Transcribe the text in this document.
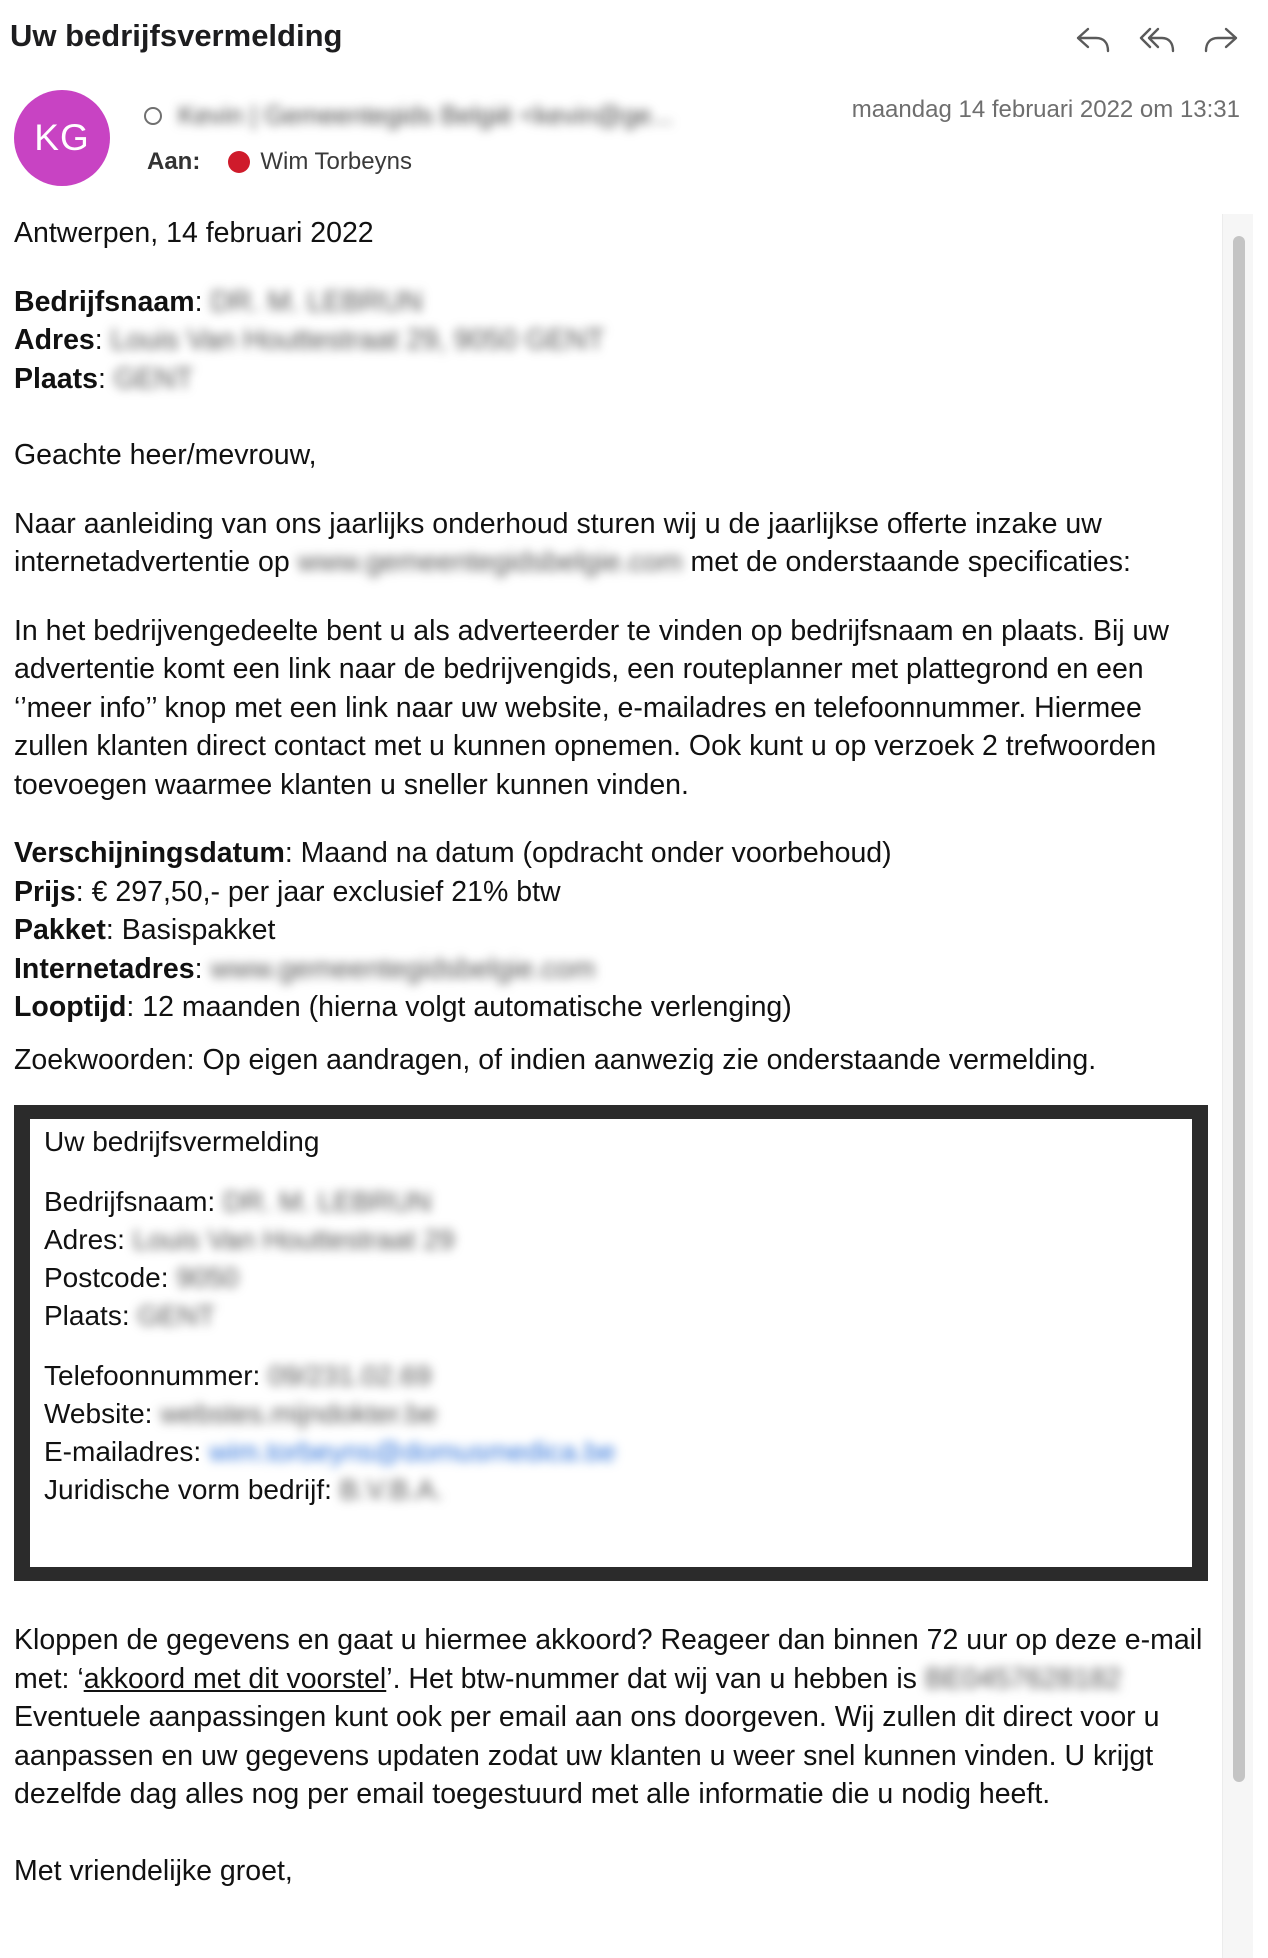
Uw bedrijfsvermelding
KG
Kevin | Gemeentegids België <kevin@ge...
Aan:	Wim Torbeyns
maandag 14 februari 2022 om 13:31

Antwerpen, 14 februari 2022

Bedrijfsnaam: DR. M. LEBRUN

Adres: Louis Van Houttestraat 29, 9050 GENT

Plaats: GENT

Geachte heer/mevrouw,

Naar aanleiding van ons jaarlijks onderhoud sturen wij u de jaarlijkse offerte inzake uw internetadvertentie op www.gemeentegidsbelgie.com met de onderstaande specificaties:

In het bedrijvengedeelte bent u als adverteerder te vinden op bedrijfsnaam en plaats. Bij uw advertentie komt een link naar de bedrijvengids, een routeplanner met plattegrond en een ‘’meer info’’ knop met een link naar uw website, e-mailadres en telefoonnummer. Hiermee zullen klanten direct contact met u kunnen opnemen. Ook kunt u op verzoek 2 trefwoorden toevoegen waarmee klanten u sneller kunnen vinden.

Verschijningsdatum: Maand na datum (opdracht onder voorbehoud)

Prijs: € 297,50,- per jaar exclusief 21% btw

Pakket: Basispakket

Internetadres: www.gemeentegidsbelgie.com

Looptijd: 12 maanden (hierna volgt automatische verlenging)

Zoekwoorden: Op eigen aandragen, of indien aanwezig zie onderstaande vermelding.

Uw bedrijfsvermelding

Bedrijfsnaam: DR. M. LEBRUN

Adres: Louis Van Houttestraat 29

Postcode: 9050

Plaats: GENT

Telefoonnummer: 09/231.02.69

Website: webstes.mijndokter.be

E-mailadres: wim.torbeyns@domusmedica.be

Juridische vorm bedrijf: B.V.B.A.

Kloppen de gegevens en gaat u hiermee akkoord? Reageer dan binnen 72 uur op deze e-mail met: ‘akkoord met dit voorstel’. Het btw-nummer dat wij van u hebben is BE0457628182 Eventuele aanpassingen kunt ook per email aan ons doorgeven. Wij zullen dit direct voor u aanpassen en uw gegevens updaten zodat uw klanten u weer snel kunnen vinden. U krijgt dezelfde dag alles nog per email toegestuurd met alle informatie die u nodig heeft.

Met vriendelijke groet,
